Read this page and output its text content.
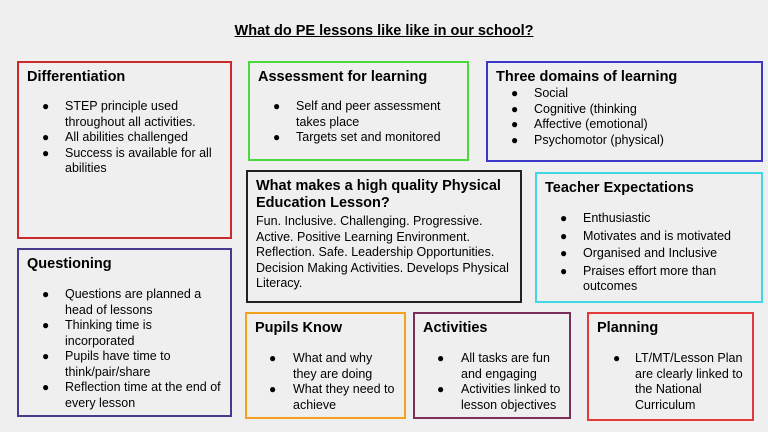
What do PE lessons like like in our school?
Differentiation
● STEP principle used throughout all activities.
● All abilities challenged
● Success is available for all abilities
Assessment for learning
● Self and peer assessment takes place
● Targets set and monitored
Three domains of learning
● Social
● Cognitive (thinking
● Affective (emotional)
● Psychomotor (physical)
What makes a high quality Physical Education Lesson?
Fun. Inclusive. Challenging. Progressive. Active. Positive Learning Environment. Reflection. Safe. Leadership Opportunities. Decision Making Activities. Develops Physical Literacy.
Teacher Expectations
● Enthusiastic
● Motivates and is motivated
● Organised and Inclusive
● Praises effort more than outcomes
Questioning
● Questions are planned a head of lessons
● Thinking time is incorporated
● Pupils have time to think/pair/share
● Reflection time at the end of every lesson
Pupils Know
● What and why they are doing
● What they need to achieve
Activities
● All tasks are fun and engaging
● Activities linked to lesson objectives
Planning
● LT/MT/Lesson Plan are clearly linked to the National Curriculum
